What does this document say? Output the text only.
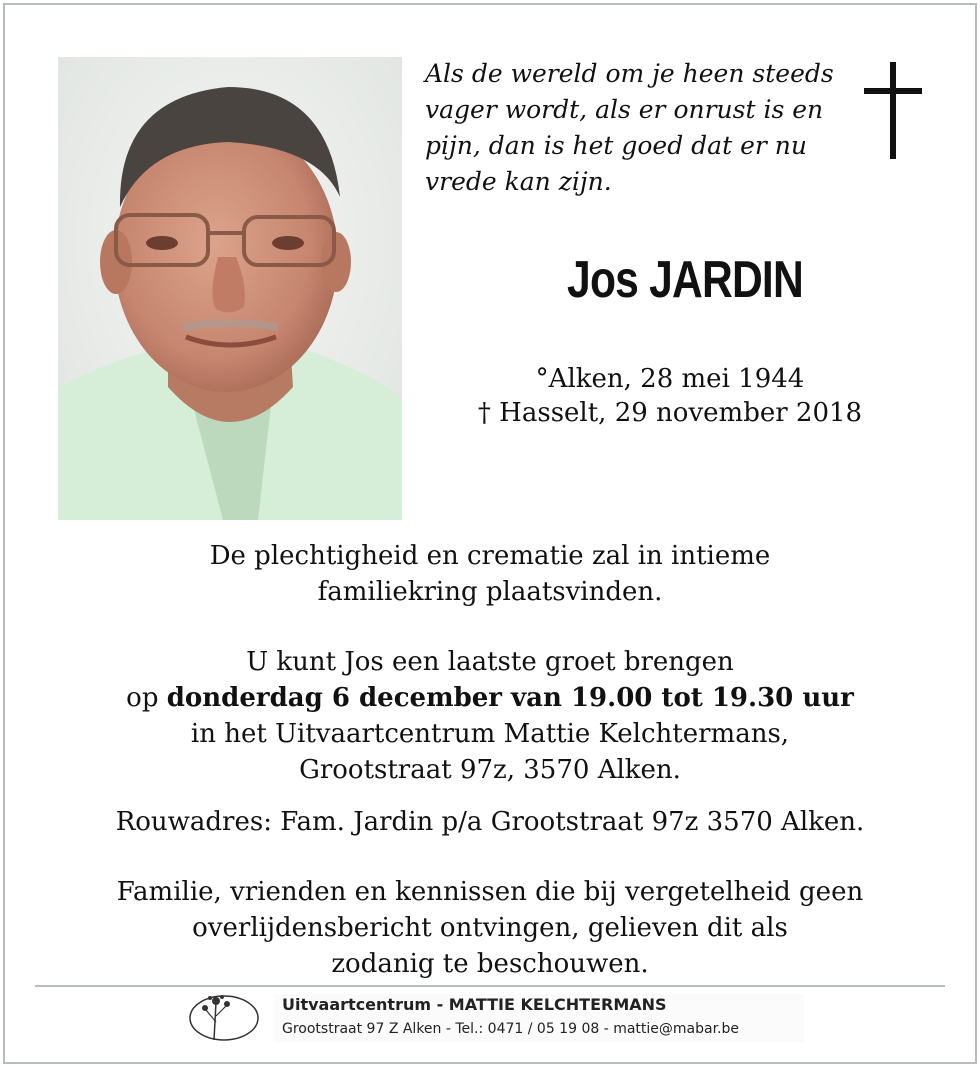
Als de wereld om je heen steeds
vager wordt, als er onrust is en
pijn, dan is het goed dat er nu
vrede kan zijn.
Jos JARDIN
°Alken, 28 mei 1944
† Hasselt, 29 november 2018
De plechtigheid en crematie zal in intieme
familiekring plaatsvinden.
U kunt Jos een laatste groet brengen
op donderdag 6 december van 19.00 tot 19.30 uur
in het Uitvaartcentrum Mattie Kelchtermans,
Grootstraat 97z, 3570 Alken.
Rouwadres: Fam. Jardin p/a Grootstraat 97z 3570 Alken.
Familie, vrienden en kennissen die bij vergetelheid geen
overlijdensbericht ontvingen, gelieven dit als
zodanig te beschouwen.
Uitvaartcentrum - MATTIE KELCHTERMANS
Grootstraat 97 Z Alken - Tel.: 0471 / 05 19 08 - mattie@mabar.be
